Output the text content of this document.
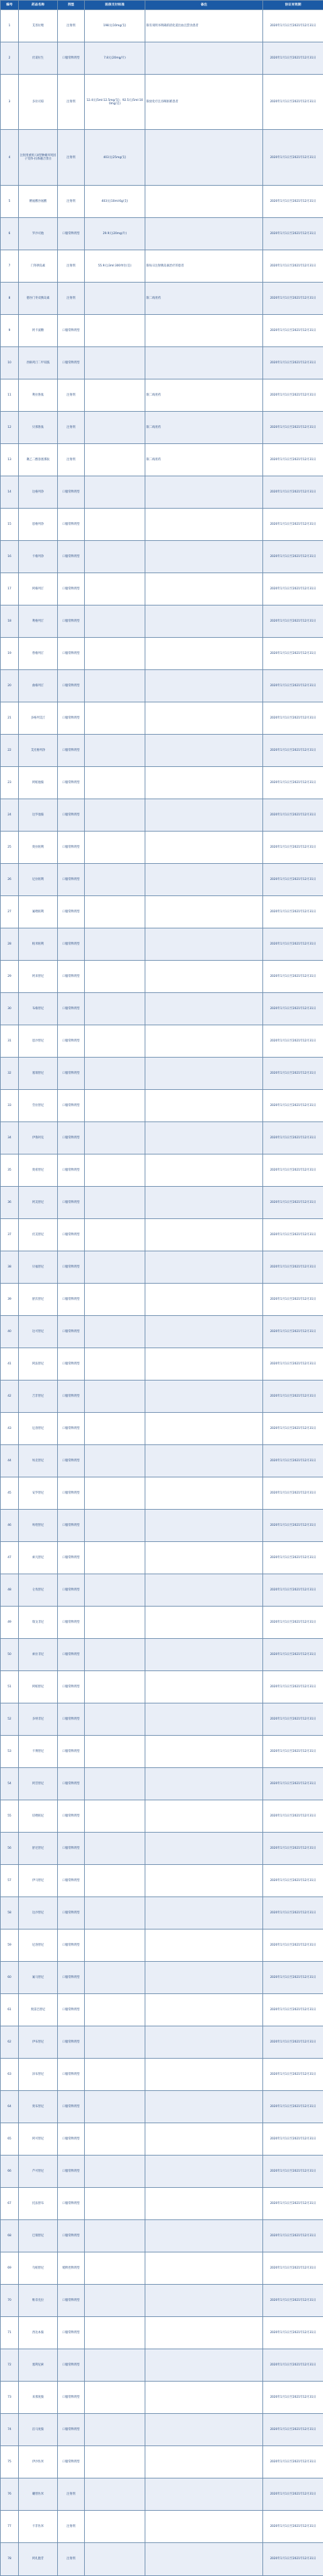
编号	药品名称	剂型	医保支付标准	备注	协议有效期
1	艾普拉唑	注射剂	198元(10mg/支)	限有说明书明确的消化道出血且禁食患者	2020年1月1日至2021年12月31日
2	伏诺拉生	口服常释剂型	7.8元(20mg/片)		2020年1月1日至2021年12月31日
3	多拉司琼	注射剂	12.4元(5ml:12.5mg/支)；92.5元(5ml:100mg/支)	限放化疗且吞咽困难患者	2020年1月1日至2021年12月31日
4	注射用重组人Ⅱ型肿瘤坏死因子受体-抗体融合蛋白	注射剂	403元(25mg/支)		2020年1月1日至2021年12月31日
5	精氨酸谷氨酸	注射剂	403元(10ml:6g/支)		2020年1月1日至2021年12月31日
6	罗沙司他	口服常释剂型	29.9元(20mg/片)		2020年1月1日至2021年12月31日
7	门冬胰岛素	注射剂	55.9元(3ml:300单位/支)	限每日注射胰岛素治疗的患者	2020年1月1日至2021年12月31日
8	德谷门冬双胰岛素	注射剂		限二线用药	2020年1月1日至2021年12月31日
9	阿卡波糖	口服常释剂型			2020年1月1日至2021年12月31日
10	西格列汀二甲双胍	口服常释剂型			2020年1月1日至2021年12月31日
11	利拉鲁肽	注射剂		限二线用药	2020年1月1日至2021年12月31日
12	贝那鲁肽	注射剂		限二线用药	2020年1月1日至2021年12月31日
13	聚乙二醇洛塞那肽	注射剂		限二线用药	2020年1月1日至2021年12月31日
14	达格列净	口服常释剂型			2020年1月1日至2021年12月31日
15	恩格列净	口服常释剂型			2020年1月1日至2021年12月31日
16	卡格列净	口服常释剂型			2020年1月1日至2021年12月31日
17	阿格列汀	口服常释剂型			2020年1月1日至2021年12月31日
18	利格列汀	口服常释剂型			2020年1月1日至2021年12月31日
19	替格列汀	口服常释剂型			2020年1月1日至2021年12月31日
20	曲格列汀	口服常释剂型			2020年1月1日至2021年12月31日
21	多格列艾汀	口服常释剂型			2020年1月1日至2021年12月31日
22	艾托格列净	口服常释剂型			2020年1月1日至2021年12月31日
23	阿帕他胺	口服常释剂型			2020年1月1日至2021年12月31日
24	达罗他胺	口服常释剂型			2020年1月1日至2021年12月31日
25	奥拉帕利	口服常释剂型			2020年1月1日至2021年12月31日
26	尼拉帕利	口服常释剂型			2020年1月1日至2021年12月31日
27	氟唑帕利	口服常释剂型			2020年1月1日至2021年12月31日
28	帕米帕利	口服常释剂型			2020年1月1日至2021年12月31日
29	阿来替尼	口服常释剂型			2020年1月1日至2021年12月31日
30	布格替尼	口服常释剂型			2020年1月1日至2021年12月31日
31	恩沙替尼	口服常释剂型			2020年1月1日至2021年12月31日
32	塞瑞替尼	口服常释剂型			2020年1月1日至2021年12月31日
33	劳拉替尼	口服常释剂型			2020年1月1日至2021年12月31日
34	伊鲁阿克	口服常释剂型			2020年1月1日至2021年12月31日
35	奥希替尼	口服常释剂型			2020年1月1日至2021年12月31日
36	阿美替尼	口服常释剂型			2020年1月1日至2021年12月31日
37	伏美替尼	口服常释剂型			2020年1月1日至2021年12月31日
38	贝福替尼	口服常释剂型			2020年1月1日至2021年12月31日
39	舒沃替尼	口服常释剂型			2020年1月1日至2021年12月31日
40	达可替尼	口服常释剂型			2020年1月1日至2021年12月31日
41	阿法替尼	口服常释剂型			2020年1月1日至2021年12月31日
42	吉非替尼	口服常释剂型			2020年1月1日至2021年12月31日
43	厄洛替尼	口服常释剂型			2020年1月1日至2021年12月31日
44	埃克替尼	口服常释剂型			2020年1月1日至2021年12月31日
45	安罗替尼	口服常释剂型			2020年1月1日至2021年12月31日
46	呋喹替尼	口服常释剂型			2020年1月1日至2021年12月31日
47	索凡替尼	口服常释剂型			2020年1月1日至2021年12月31日
48	仑伐替尼	口服常释剂型			2020年1月1日至2021年12月31日
49	瑞戈非尼	口服常释剂型			2020年1月1日至2021年12月31日
50	索拉非尼	口服常释剂型			2020年1月1日至2021年12月31日
51	阿帕替尼	口服常释剂型			2020年1月1日至2021年12月31日
52	多纳非尼	口服常释剂型			2020年1月1日至2021年12月31日
53	卡博替尼	口服常释剂型			2020年1月1日至2021年12月31日
54	阿昔替尼	口服常释剂型			2020年1月1日至2021年12月31日
55	培唑帕尼	口服常释剂型			2020年1月1日至2021年12月31日
56	舒尼替尼	口服常释剂型			2020年1月1日至2021年12月31日
57	伊马替尼	口服常释剂型			2020年1月1日至2021年12月31日
58	达沙替尼	口服常释剂型			2020年1月1日至2021年12月31日
59	尼洛替尼	口服常释剂型			2020年1月1日至2021年12月31日
60	氟马替尼	口服常释剂型			2020年1月1日至2021年12月31日
61	奥雷巴替尼	口服常释剂型			2020年1月1日至2021年12月31日
62	伊布替尼	口服常释剂型			2020年1月1日至2021年12月31日
63	泽布替尼	口服常释剂型			2020年1月1日至2021年12月31日
64	奥布替尼	口服常释剂型			2020年1月1日至2021年12月31日
65	阿可替尼	口服常释剂型			2020年1月1日至2021年12月31日
66	芦可替尼	口服常释剂型			2020年1月1日至2021年12月31日
67	托法替布	口服常释剂型			2020年1月1日至2021年12月31日
68	巴瑞替尼	口服常释剂型			2020年1月1日至2021年12月31日
69	乌帕替尼	缓释控释剂型			2020年1月1日至2021年12月31日
70	维奈克拉	口服常释剂型			2020年1月1日至2021年12月31日
71	西达本胺	口服常释剂型			2020年1月1日至2021年12月31日
72	塞利尼索	口服常释剂型			2020年1月1日至2021年12月31日
73	来那度胺	口服常释剂型			2020年1月1日至2021年12月31日
74	泊马度胺	口服常释剂型			2020年1月1日至2021年12月31日
75	伊沙佐米	口服常释剂型			2020年1月1日至2021年12月31日
76	硼替佐米	注射剂			2020年1月1日至2021年12月31日
77	卡非佐米	注射剂			2020年1月1日至2021年12月31日
78	阿扎胞苷	注射剂			2020年1月1日至2021年12月31日
